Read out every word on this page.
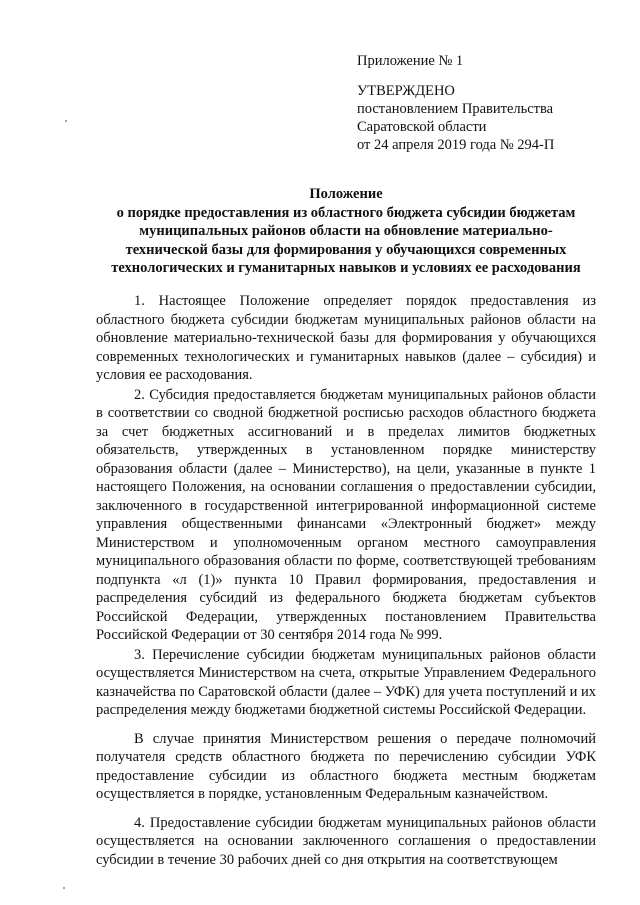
Приложение № 1
УТВЕРЖДЕНО
постановлением Правительства
Саратовской области
от 24 апреля 2019 года № 294-П
Положение
о порядке предоставления из областного бюджета субсидии бюджетам
муниципальных районов области на обновление материально-
технической базы для формирования у обучающихся современных
технологических и гуманитарных навыков и условиях ее расходования

1. Настоящее Положение определяет порядок предоставления из областного бюджета субсидии бюджетам муниципальных районов области на обновление материально-технической базы для формирования у обучающихся современных технологических и гуманитарных навыков (далее – субсидия) и условия ее расходования.

2. Субсидия предоставляется бюджетам муниципальных районов области в соответствии со сводной бюджетной росписью расходов областного бюджета за счет бюджетных ассигнований и в пределах лимитов бюджетных обязательств, утвержденных в установленном порядке министерству образования области (далее – Министерство), на цели, указанные в пункте 1 настоящего Положения, на основании соглашения о предоставлении субсидии, заключенного в государственной интегрированной информационной системе управления общественными финансами «Электронный бюджет» между Министерством и уполномоченным органом местного самоуправления муниципального образования области по форме, соответствующей требованиям подпункта «л (1)» пункта 10 Правил формирования, предоставления и распределения субсидий из федерального бюджета бюджетам субъектов Российской Федерации, утвержденных постановлением Правительства Российской Федерации от 30 сентября 2014 года № 999.

3. Перечисление субсидии бюджетам муниципальных районов области осуществляется Министерством на счета, открытые Управлением Федерального казначейства по Саратовской области (далее – УФК) для учета поступлений и их распределения между бюджетами бюджетной системы Российской Федерации.

В случае принятия Министерством решения о передаче полномочий получателя средств областного бюджета по перечислению субсидии УФК предоставление субсидии из областного бюджета местным бюджетам осуществляется в порядке, установленным Федеральным казначейством.

4. Предоставление субсидии бюджетам муниципальных районов области осуществляется на основании заключенного соглашения о предоставлении субсидии в течение 30 рабочих дней со дня открытия на соответствующем
